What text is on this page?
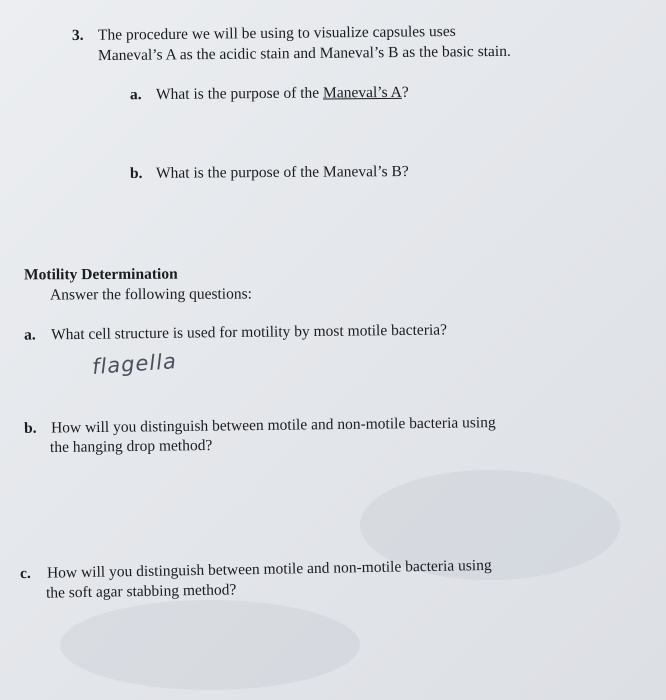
3. The procedure we will be using to visualize capsules uses
Maneval’s A as the acidic stain and Maneval’s B as the basic stain.
a. What is the purpose of the Maneval’s A?
b. What is the purpose of the Maneval’s B?
Motility Determination
Answer the following questions:
a. What cell structure is used for motility by most motile bacteria?
flagella
b. How will you distinguish between motile and non-motile bacteria using
the hanging drop method?
c. How will you distinguish between motile and non-motile bacteria using
the soft agar stabbing method?
